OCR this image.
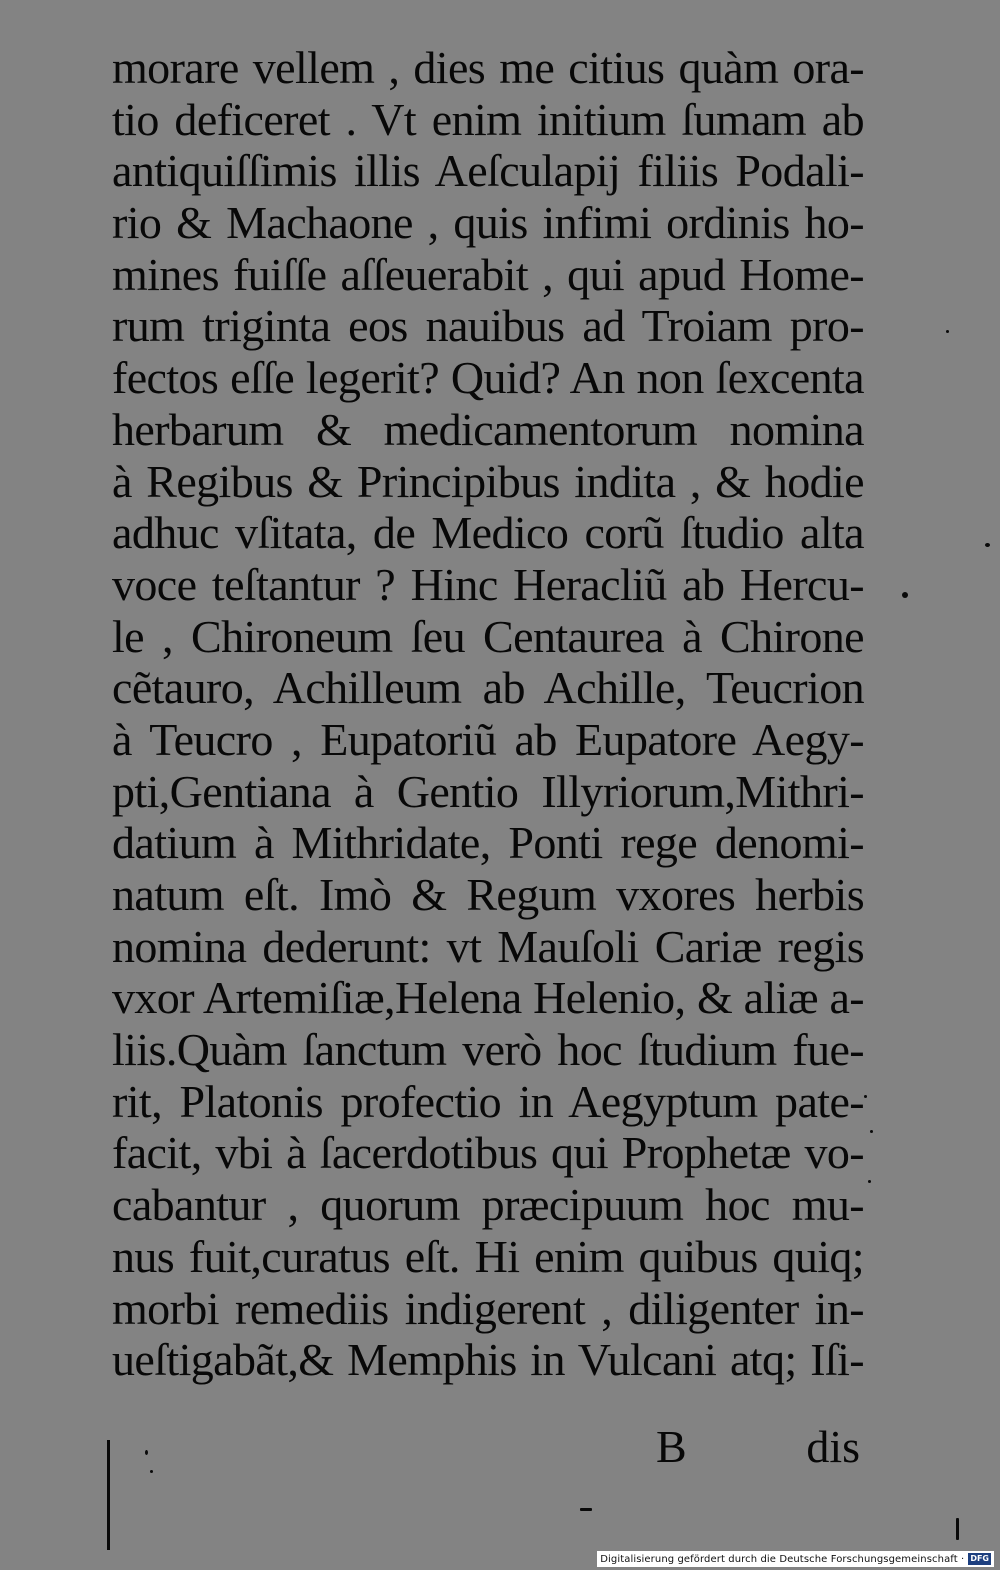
morare vellem , dies me citius quàm ora-
tio deficeret . Vt enim initium ſumam ab
antiquiſſimis illis Aeſculapij filiis Podali-
rio & Machaone , quis infimi ordinis ho-
mines fuiſſe aſſeuerabit , qui apud Home-
rum triginta eos nauibus ad Troiam pro-
fectos eſſe legerit? Quid? An non ſexcenta
herbarum & medicamentorum nomina
à Regibus & Principibus indita , & hodie
adhuc vſitata, de Medico corũ ſtudio alta
voce teſtantur ? Hinc Heracliũ ab Hercu-
le , Chironeum ſeu Centaurea à Chirone
cẽtauro, Achilleum ab Achille, Teucrion
à Teucro , Eupatoriũ ab Eupatore Aegy-
pti,Gentiana à Gentio Illyriorum,Mithri-
datium à Mithridate, Ponti rege denomi-
natum eſt. Imò & Regum vxores herbis
nomina dederunt: vt Mauſoli Cariæ regis
vxor Artemiſiæ,Helena Helenio, & aliæ a-
liis.Quàm ſanctum verò hoc ſtudium fue-
rit, Platonis profectio in Aegyptum pate-
facit, vbi à ſacerdotibus qui Prophetæ vo-
cabantur , quorum præcipuum hoc mu-
nus fuit,curatus eſt. Hi enim quibus quiq;
morbi remediis indigerent , diligenter in-
ueſtigabãt,& Memphis in Vulcani atq; Iſi-
B	dis
Digitalisierung gefördert durch die Deutsche Forschungsgemeinschaft · DFG
